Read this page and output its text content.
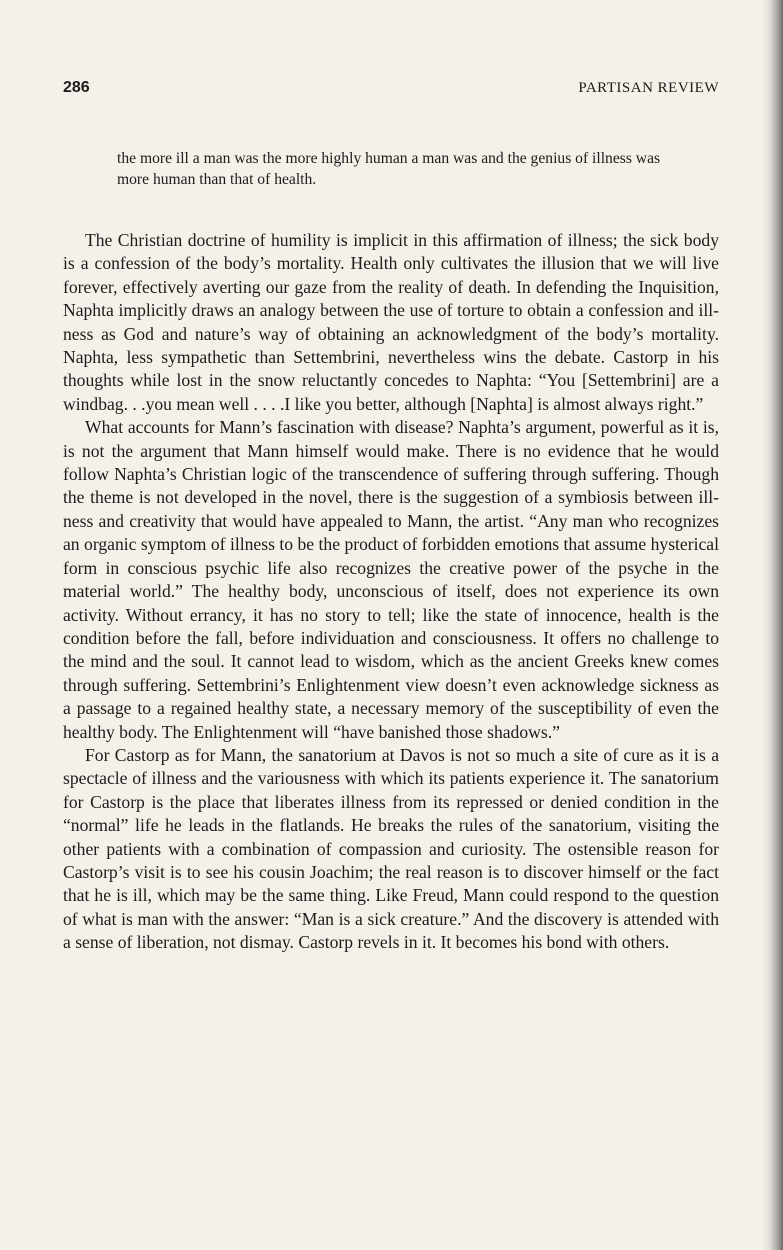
286	PARTISAN REVIEW

the more ill a man was the more highly human a man was and the genius of illness was more human than that of health.

The Christian doctrine of humility is implicit in this affirmation of illness; the sick body is a confession of the body’s mortality. Health only cultivates the illusion that we will live forever, effectively averting our gaze from the reality of death. In defending the Inquisition, Naphta implicitly draws an analogy between the use of torture to obtain a confession and illness as God and nature’s way of obtaining an acknowledgment of the body’s mortality. Naphta, less sympathetic than Settembrini, nevertheless wins the debate. Castorp in his thoughts while lost in the snow reluctantly concedes to Naphta: “You [Settembrini] are a windbag. . .you mean well . . . .I like you better, although [Naphta] is almost always right.”

What accounts for Mann’s fascination with disease? Naphta’s argument, powerful as it is, is not the argument that Mann himself would make. There is no evidence that he would follow Naphta’s Christian logic of the transcendence of suffering through suffering. Though the theme is not developed in the novel, there is the suggestion of a symbiosis between illness and creativity that would have appealed to Mann, the artist. “Any man who recognizes an organic symptom of illness to be the product of forbidden emotions that assume hysterical form in conscious psychic life also recognizes the creative power of the psyche in the material world.” The healthy body, unconscious of itself, does not experience its own activity. Without errancy, it has no story to tell; like the state of innocence, health is the condition before the fall, before individuation and consciousness. It offers no challenge to the mind and the soul. It cannot lead to wisdom, which as the ancient Greeks knew comes through suffering. Settembrini’s Enlightenment view doesn’t even acknowledge sickness as a passage to a regained healthy state, a necessary memory of the susceptibility of even the healthy body. The Enlightenment will “have banished those shadows.”

For Castorp as for Mann, the sanatorium at Davos is not so much a site of cure as it is a spectacle of illness and the variousness with which its patients experience it. The sanatorium for Castorp is the place that liberates illness from its repressed or denied condition in the “normal” life he leads in the flatlands. He breaks the rules of the sanatorium, visiting the other patients with a combination of compassion and curiosity. The ostensible reason for Castorp’s visit is to see his cousin Joachim; the real reason is to discover himself or the fact that he is ill, which may be the same thing. Like Freud, Mann could respond to the question of what is man with the answer: “Man is a sick creature.” And the discovery is attended with a sense of liberation, not dismay. Castorp revels in it. It becomes his bond with others.
